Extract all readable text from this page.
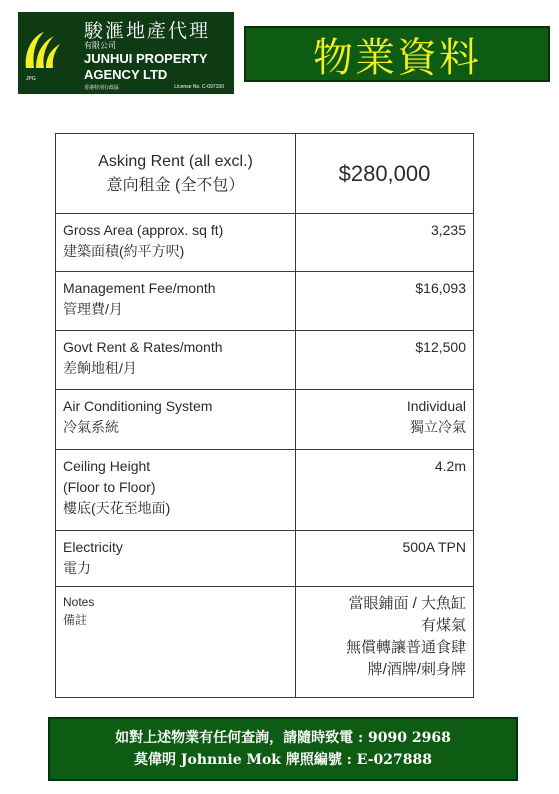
JPG
駿滙地產代理
有限公司
JUNHUI PROPERTY
AGENCY LTD
香港特別行政區	License No. C-097150
物業資料
Asking Rent (all excl.)
意向租金 (全不包）	$280,000

Gross Area (approx. sq ft)
建築面積(約平方呎)	3,235

Management Fee/month
管理費/月	$16,093

Govt Rent & Rates/month
差餉地租/月	$12,500

Air Conditioning System
冷氣系統	Individual
獨立冷氣

Ceiling Height
(Floor to Floor)
樓底(天花至地面)	4.2m

Electricity
電力	500A TPN

Notes
備註	當眼鋪面 / 大魚缸
有煤氣
無償轉讓普通食肆
牌/酒牌/刺身牌
如對上述物業有任何查詢，請隨時致電 : 9090 2968
莫偉明 Johnnie Mok 牌照編號 : E-027888
